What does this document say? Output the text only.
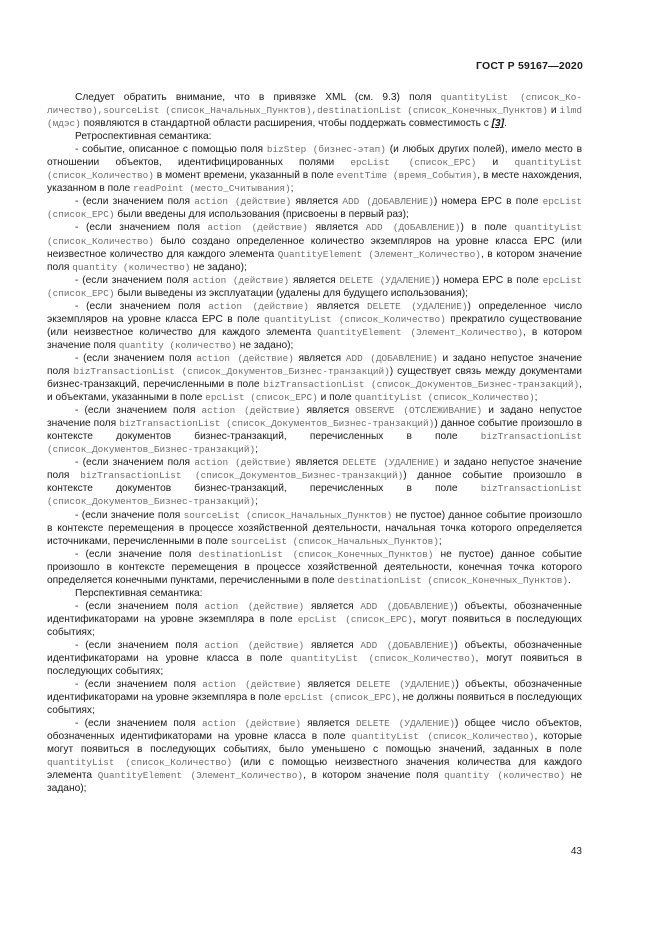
ГОСТ Р 59167—2020

Следует обратить внимание, что в привязке XML (см. 9.3) поля quantityList (список_Ко-личество),sourceList (список_Начальных_Пунктов),destinationList (список_Конечных_Пунктов) и ilmd (мдэс) появляются в стандартной области расширения, чтобы поддержать совместимость с [3].

Ретроспективная семантика:

- событие, описанное с помощью поля bizStep (бизнес-этап) (и любых других полей), имело место в отношении объектов, идентифицированных полями epcList (список_EPC) и quantityList (список_Количество) в момент времени, указанный в поле eventTime (время_События), в месте нахождения, указанном в поле readPoint (место_Считывания);

- (если значением поля action (действие) является ADD (ДОБАВЛЕНИЕ)) номера EPC в поле epcList (список_EPC) были введены для использования (присвоены в первый раз);

- (если значением поля action (действие) является ADD (ДОБАВЛЕНИЕ)) в поле quantityList (список_Количество) было создано определенное количество экземпляров на уровне класса EPC (или неизвестное количество для каждого элемента QuantityElement (Элемент_Количество), в котором значение поля quantity (количество) не задано);

- (если значением поля action (действие) является DELETE (УДАЛЕНИЕ)) номера EPC в поле epcList (список_EPC) были выведены из эксплуатации (удалены для будущего использования);

- (если значением поля action (действие) является DELETE (УДАЛЕНИЕ)) определенное число экземпляров на уровне класса EPC в поле quantityList (список_Количество) прекратило существование (или неизвестное количество для каждого элемента QuantityElement (Элемент_Количество), в котором значение поля quantity (количество) не задано);

- (если значением поля action (действие) является ADD (ДОБАВЛЕНИЕ) и задано непустое значение поля bizTransactionList (список_Документов_Бизнес-транзакций)) существует связь между документами бизнес-транзакций, перечисленными в поле bizTransactionList (список_Документов_Бизнес-транзакций), и объектами, указанными в поле epcList (список_EPC) и поле quantityList (список_Количество);

- (если значением поля action (действие) является OBSERVE (ОТСЛЕЖИВАНИЕ) и задано непустое значение поля bizTransactionList (список_Документов_Бизнес-транзакций)) данное событие произошло в контексте документов бизнес-транзакций, перечисленных в поле bizTransactionList (список_Документов_Бизнес-транзакций);

- (если значением поля action (действие) является DELETE (УДАЛЕНИЕ) и задано непустое значение поля bizTransactionList (список_Документов_Бизнес-транзакций)) данное событие произошло в контексте документов бизнес-транзакций, перечисленных в поле bizTransactionList (список_Документов_Бизнес-транзакций);

- (если значение поля sourceList (список_Начальных_Пунктов) не пустое) данное событие произошло в контексте перемещения в процессе хозяйственной деятельности, начальная точка которого определяется источниками, перечисленными в поле sourceList (список_Начальных_Пунктов);

- (если значение поля destinationList (список_Конечных_Пунктов) не пустое) данное событие произошло в контексте перемещения в процессе хозяйственной деятельности, конечная точка которого определяется конечными пунктами, перечисленными в поле destinationList (список_Конечных_Пунктов).

Перспективная семантика:

- (если значением поля action (действие) является ADD (ДОБАВЛЕНИЕ)) объекты, обозначенные идентификаторами на уровне экземпляра в поле epcList (список_EPC), могут появиться в последующих событиях;

- (если значением поля action (действие) является ADD (ДОБАВЛЕНИЕ)) объекты, обозначенные идентификаторами на уровне класса в поле quantityList (список_Количество), могут появиться в последующих событиях;

- (если значением поля action (действие) является DELETE (УДАЛЕНИЕ)) объекты, обозначенные идентификаторами на уровне экземпляра в поле epcList (список_EPC), не должны появиться в последующих событиях;

- (если значением поля action (действие) является DELETE (УДАЛЕНИЕ)) общее число объектов, обозначенных идентификаторами на уровне класса в поле quantityList (список_Количество), которые могут появиться в последующих событиях, было уменьшено с помощью значений, заданных в поле quantityList (список_Количество) (или с помощью неизвестного значения количества для каждого элемента QuantityElement (Элемент_Количество), в котором значение поля quantity (количество) не задано);

43
